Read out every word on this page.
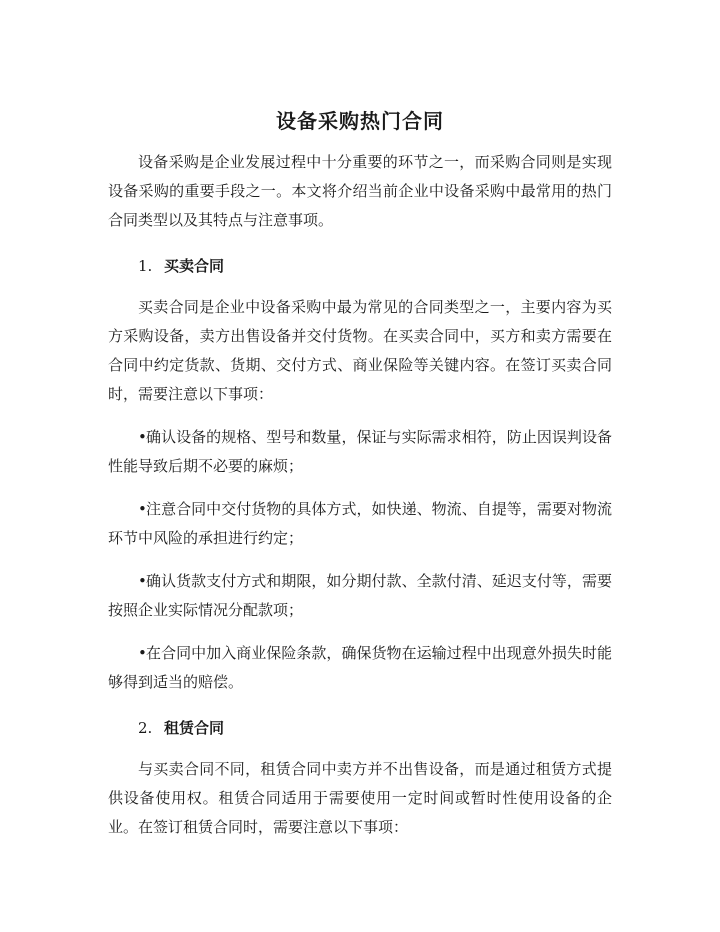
设备采购热门合同

设备采购是企业发展过程中十分重要的环节之一，而采购合同则是实现设备采购的重要手段之一。本文将介绍当前企业中设备采购中最常用的热门合同类型以及其特点与注意事项。

1. 买卖合同

买卖合同是企业中设备采购中最为常见的合同类型之一，主要内容为买方采购设备，卖方出售设备并交付货物。在买卖合同中，买方和卖方需要在合同中约定货款、货期、交付方式、商业保险等关键内容。在签订买卖合同时，需要注意以下事项：

•确认设备的规格、型号和数量，保证与实际需求相符，防止因误判设备性能导致后期不必要的麻烦；
•注意合同中交付货物的具体方式，如快递、物流、自提等，需要对物流环节中风险的承担进行约定；
•确认货款支付方式和期限，如分期付款、全款付清、延迟支付等，需要按照企业实际情况分配款项；
•在合同中加入商业保险条款，确保货物在运输过程中出现意外损失时能够得到适当的赔偿。
2. 租赁合同

与买卖合同不同，租赁合同中卖方并不出售设备，而是通过租赁方式提供设备使用权。租赁合同适用于需要使用一定时间或暂时性使用设备的企业。在签订租赁合同时，需要注意以下事项：
